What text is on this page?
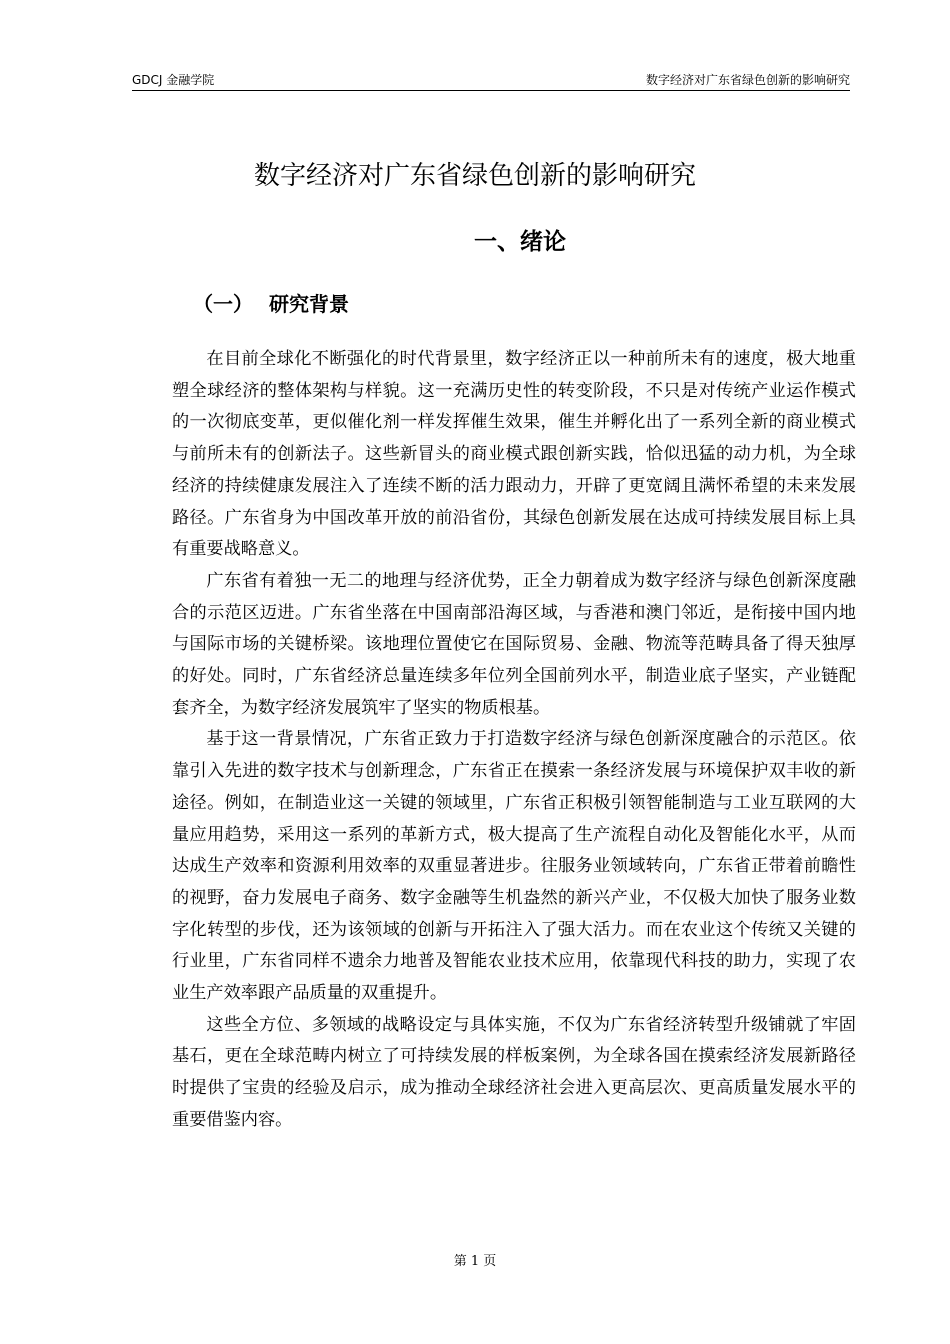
GDCJ 金融学院	数字经济对广东省绿色创新的影响研究
数字经济对广东省绿色创新的影响研究
一、绪论
（一） 研究背景

在目前全球化不断强化的时代背景里，数字经济正以一种前所未有的速度，极大地重塑全球经济的整体架构与样貌。这一充满历史性的转变阶段，不只是对传统产业运作模式的一次彻底变革，更似催化剂一样发挥催生效果，催生并孵化出了一系列全新的商业模式与前所未有的创新法子。这些新冒头的商业模式跟创新实践，恰似迅猛的动力机，为全球经济的持续健康发展注入了连续不断的活力跟动力，开辟了更宽阔且满怀希望的未来发展路径。广东省身为中国改革开放的前沿省份，其绿色创新发展在达成可持续发展目标上具有重要战略意义。

广东省有着独一无二的地理与经济优势，正全力朝着成为数字经济与绿色创新深度融合的示范区迈进。广东省坐落在中国南部沿海区域，与香港和澳门邻近，是衔接中国内地与国际市场的关键桥梁。该地理位置使它在国际贸易、金融、物流等范畴具备了得天独厚的好处。同时，广东省经济总量连续多年位列全国前列水平，制造业底子坚实，产业链配套齐全，为数字经济发展筑牢了坚实的物质根基。

基于这一背景情况，广东省正致力于打造数字经济与绿色创新深度融合的示范区。依靠引入先进的数字技术与创新理念，广东省正在摸索一条经济发展与环境保护双丰收的新途径。例如，在制造业这一关键的领域里，广东省正积极引领智能制造与工业互联网的大量应用趋势，采用这一系列的革新方式，极大提高了生产流程自动化及智能化水平，从而达成生产效率和资源利用效率的双重显著进步。往服务业领域转向，广东省正带着前瞻性的视野，奋力发展电子商务、数字金融等生机盎然的新兴产业，不仅极大加快了服务业数字化转型的步伐，还为该领域的创新与开拓注入了强大活力。而在农业这个传统又关键的行业里，广东省同样不遗余力地普及智能农业技术应用，依靠现代科技的助力，实现了农业生产效率跟产品质量的双重提升。

这些全方位、多领域的战略设定与具体实施，不仅为广东省经济转型升级铺就了牢固基石，更在全球范畴内树立了可持续发展的样板案例，为全球各国在摸索经济发展新路径时提供了宝贵的经验及启示，成为推动全球经济社会进入更高层次、更高质量发展水平的重要借鉴内容。

第 1 页
